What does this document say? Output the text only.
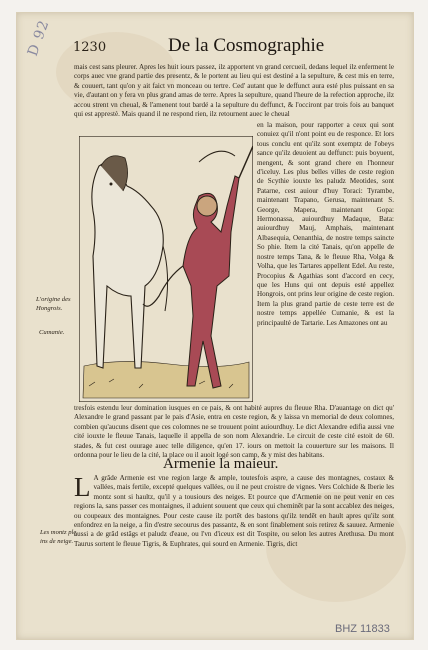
D 92 1230	De la Cosmographie

mais cest sans pleurer. Apres les huit iours passez, ilz apportent vn grand cercueil, dedans lequel ilz enferment le corps auec vne grand partie des presentz, & le portent au lieu qui est destiné a la sepulture, & cest mis en terre, & couuert, tant qu'on y ait faict vn monceau ou tertre. Ced' autant que le deffunct aura esté plus puissant en sa vie, d'autant on y fera vn plus grand amas de terre. Apres la sepulture, quand l'heure de la refection approche, ilz accou strent vn cheual, & l'amenent tout bardé a la sepulture du deffunct, & l'occiront par trois fois au banquet qui est apprestè. Mais quand il ne respond rien, ilz retournent auec le cheual

L'origine des Hongrois.
Cumanie.

en la maison, pour rapporter a ceux qui sont conuiez qu'il n'ont point eu de responce. Et lors tous conclu ent qu'ilz sont exemptz de l'obeys sance qu'ilz deuoient au deffunct: puis boyuent, mengent, & sont grand chere en l'honneur d'iceluy. Les plus belles villes de ceste region de Scythie iouxte les paludz Meotides, sont Patarne, cest auiour d'huy Toraci: Tyrambe, maintenant Trapano, Gerusa, maintenant S. George, Mapera, maintenant Gopa: Hermonassa, auiourdhuy Madaque, Bata: auiourdhuy Mauj, Amphais, maintenant Albasequia, Oenanthia, de nostre temps saincte So phie. Item la cité Tanais, qu'on appelle de nostre temps Tana, & le fleuue Rha, Volga & Volha, que les Tartares appellent Edel. Au reste, Procopius & Agathias sont d'accord en cecy, que les Huns qui ont depuis esté appellez Hongrois, ont prins leur origine de ceste region. Item la plus grand partie de ceste terre est de nostre temps appellée Cumanie, & est la principaulté de Tartarie. Les Amazones ont au

tresfois estendu leur domination iusques en ce pais, & ont habité aupres du fleuue Rha. D'auantage on dict qu' Alexandre le grand passant par le pais d'Asie, entra en ceste region, & y laissa vn memorial de deux colomnes, combien qu'aucuns disent que ces colomnes ne se trouuent point auiourdhuy. Le dict Alexandre edifia aussi vne cité iouxte le fleuue Tanais, laquelle il appella de son nom Alexandrie. Le circuit de ceste cité estoit de 60. stades, & fut cest ouurage auec telle diligence, qu'en 17. iours on mettoit la couuerture sur les maisons. Il ordonna pour le lieu de la cité, la place ou il auoit logé son camp, & y mist des habitans.

Armenie la maieur.
Les montz plę ins de neige.
L A grãde Armenie est vne region large & ample, toutesfois aspre, a cause des montagnes, costaux & vallées, mais fertile, excepté quelques vallées, ou il ne peut croistre de vignes. Vers Colchide & Iberie les montz sont si haultz, qu'il y a tousiours des neiges. Et pource que d'Armenie on ne peut venir en ces regions la, sans passer ces montaignes, il aduient souuent que ceux qui cheminēt par la sont accablez des neiges, ou coupeaux des montaignes. Pour ceste cause ilz portēt des bastons qu'ilz tendēt en hault apres qu'ilz sont enfondrez en la neige, a fin d'estre secourus des passantz, & en sont finablement sois retirez & sauuez. Armenie aussi a de grãd estãgs et paludz d'eaue, ou l'vn d'iceux est dit Tospite, ou selon les autres Arethusa. Du mont Taurus sortent le fleuue Tigris, & Euphrates, qui sourd en Armenie. Tigris, dict

BHZ 11833
